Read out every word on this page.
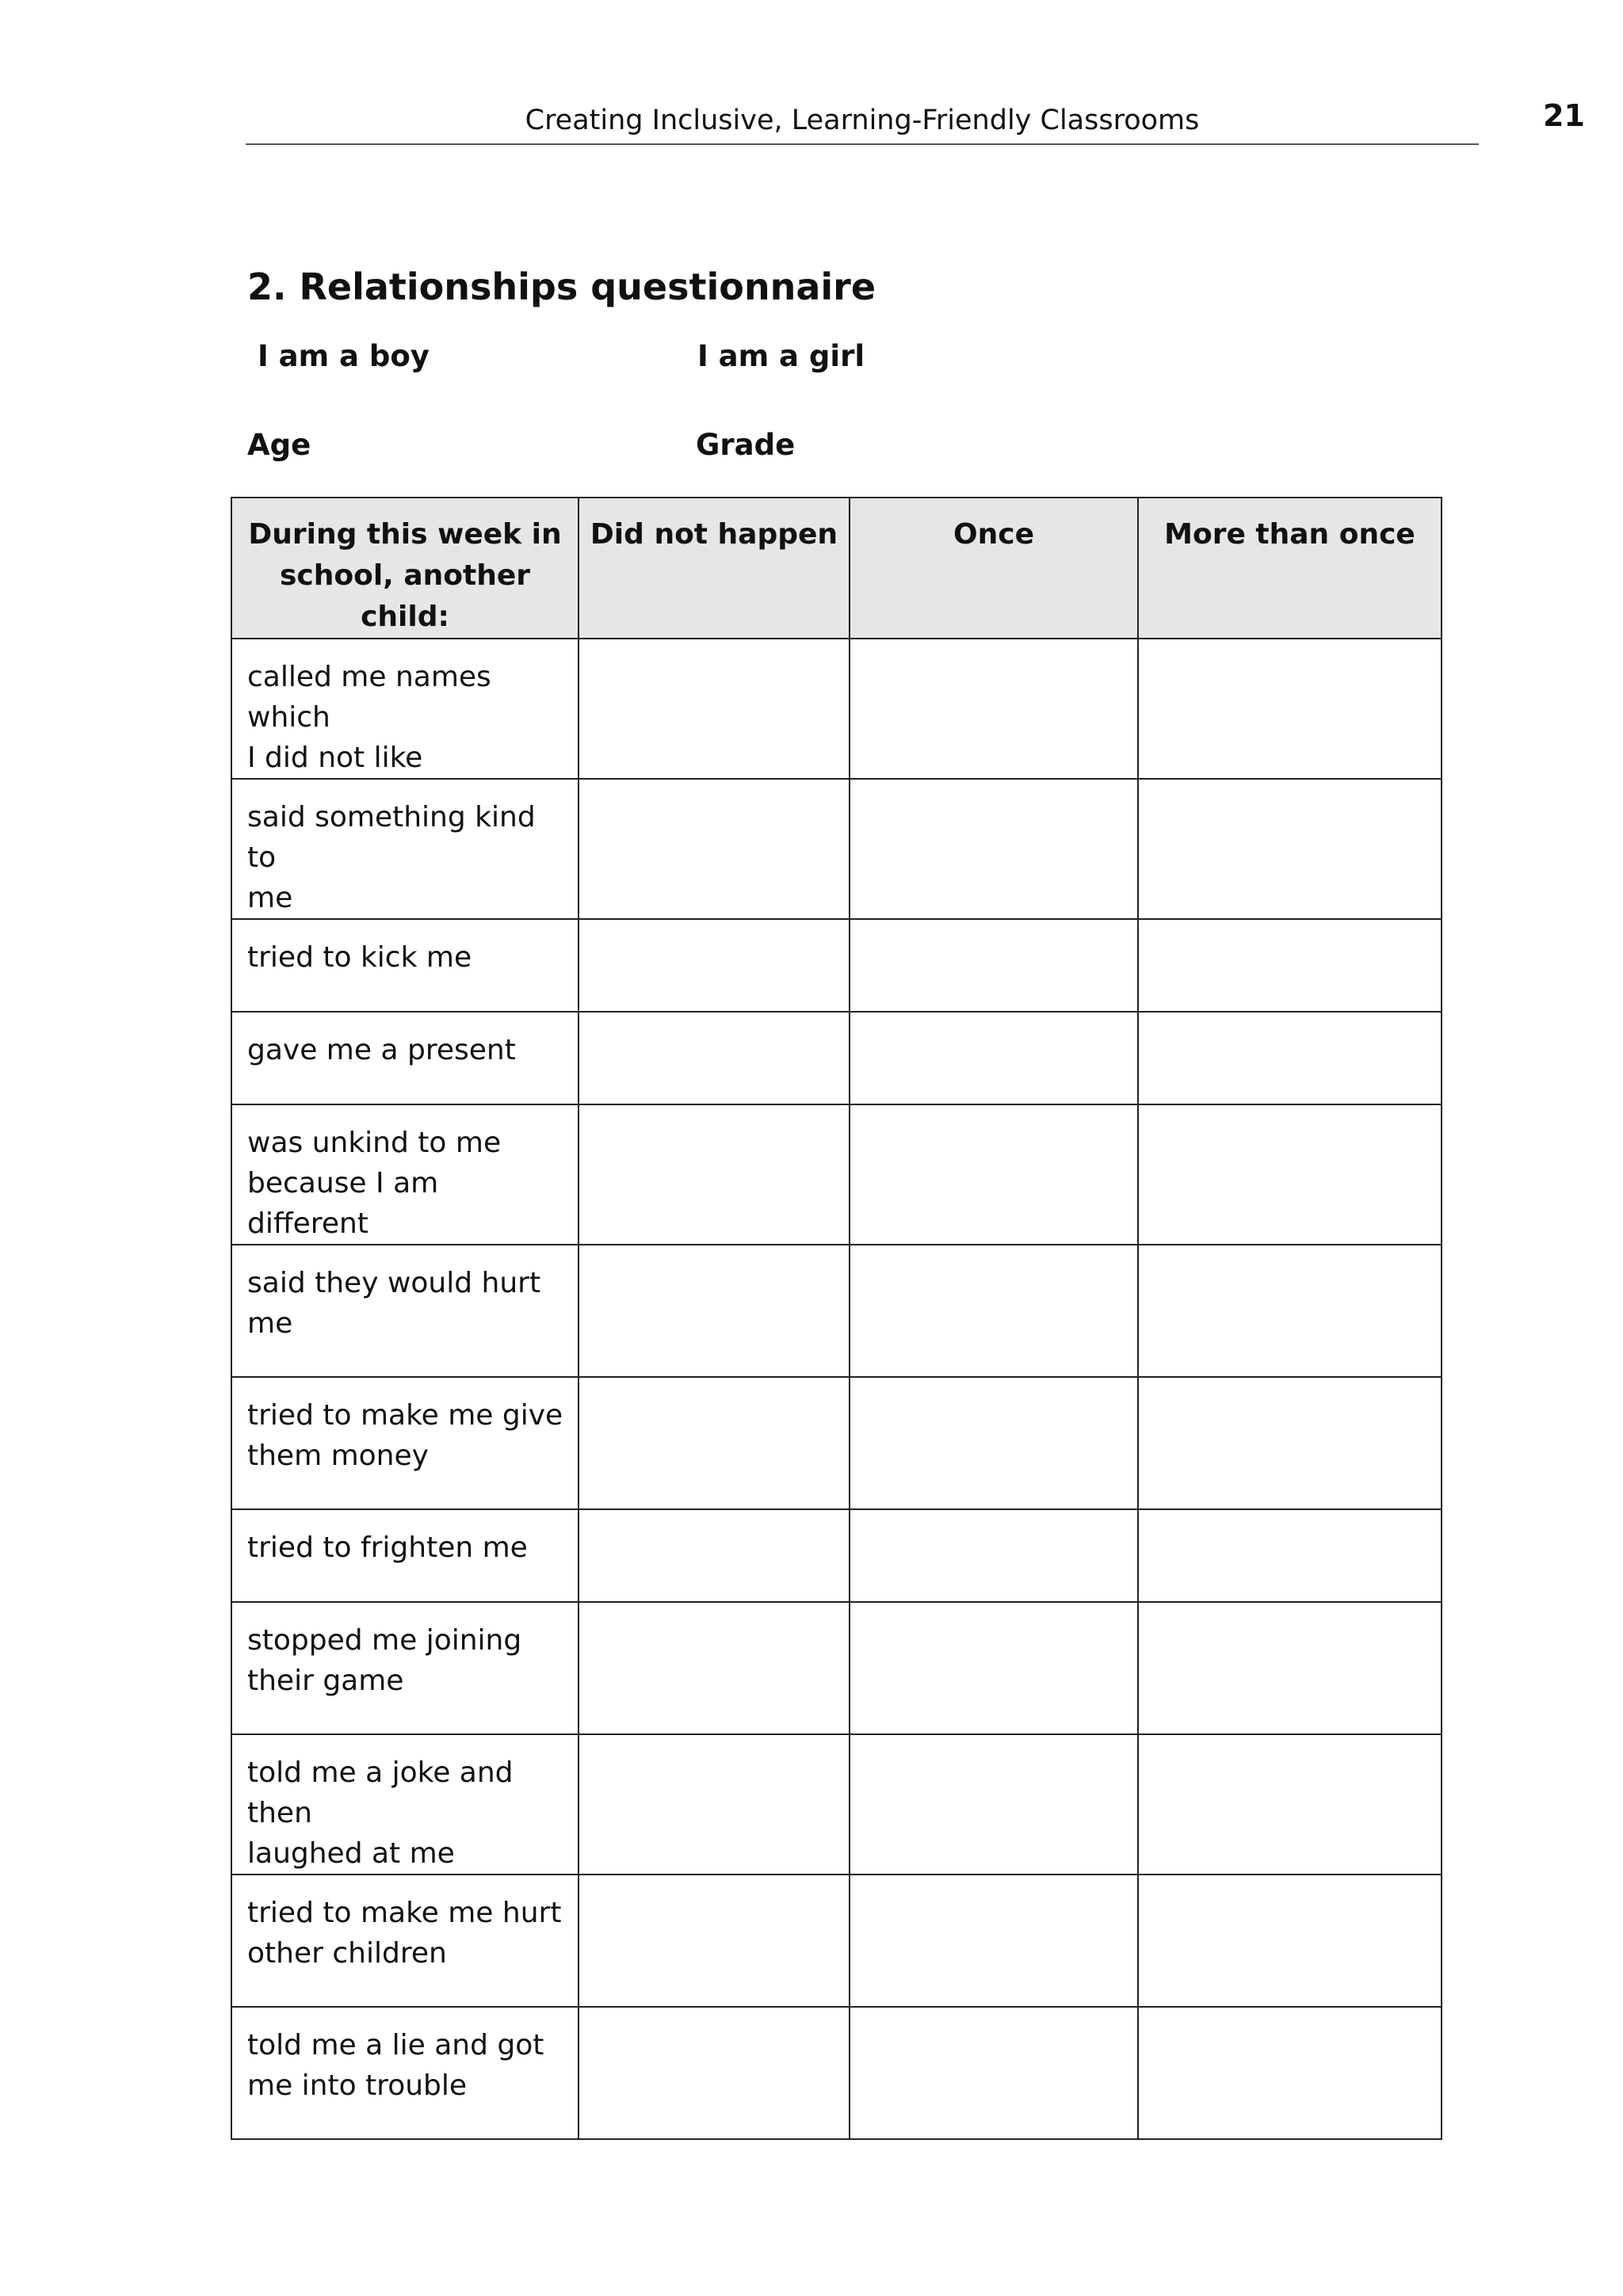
Creating Inclusive, Learning-Friendly Classrooms	21
2. Relationships questionnaire
I am a boy	I am a girl
Age	Grade
During this week in school, another child:	Did not happen	Once	More than once

called me names which
I did not like			

said something kind to
me			

tried to kick me			

gave me a present			

was unkind to me
because I am different			

said they would hurt
me			

tried to make me give
them money			

tried to frighten me			

stopped me joining
their game			

told me a joke and then
laughed at me			

tried to make me hurt
other children			

told me a lie and got
me into trouble			
